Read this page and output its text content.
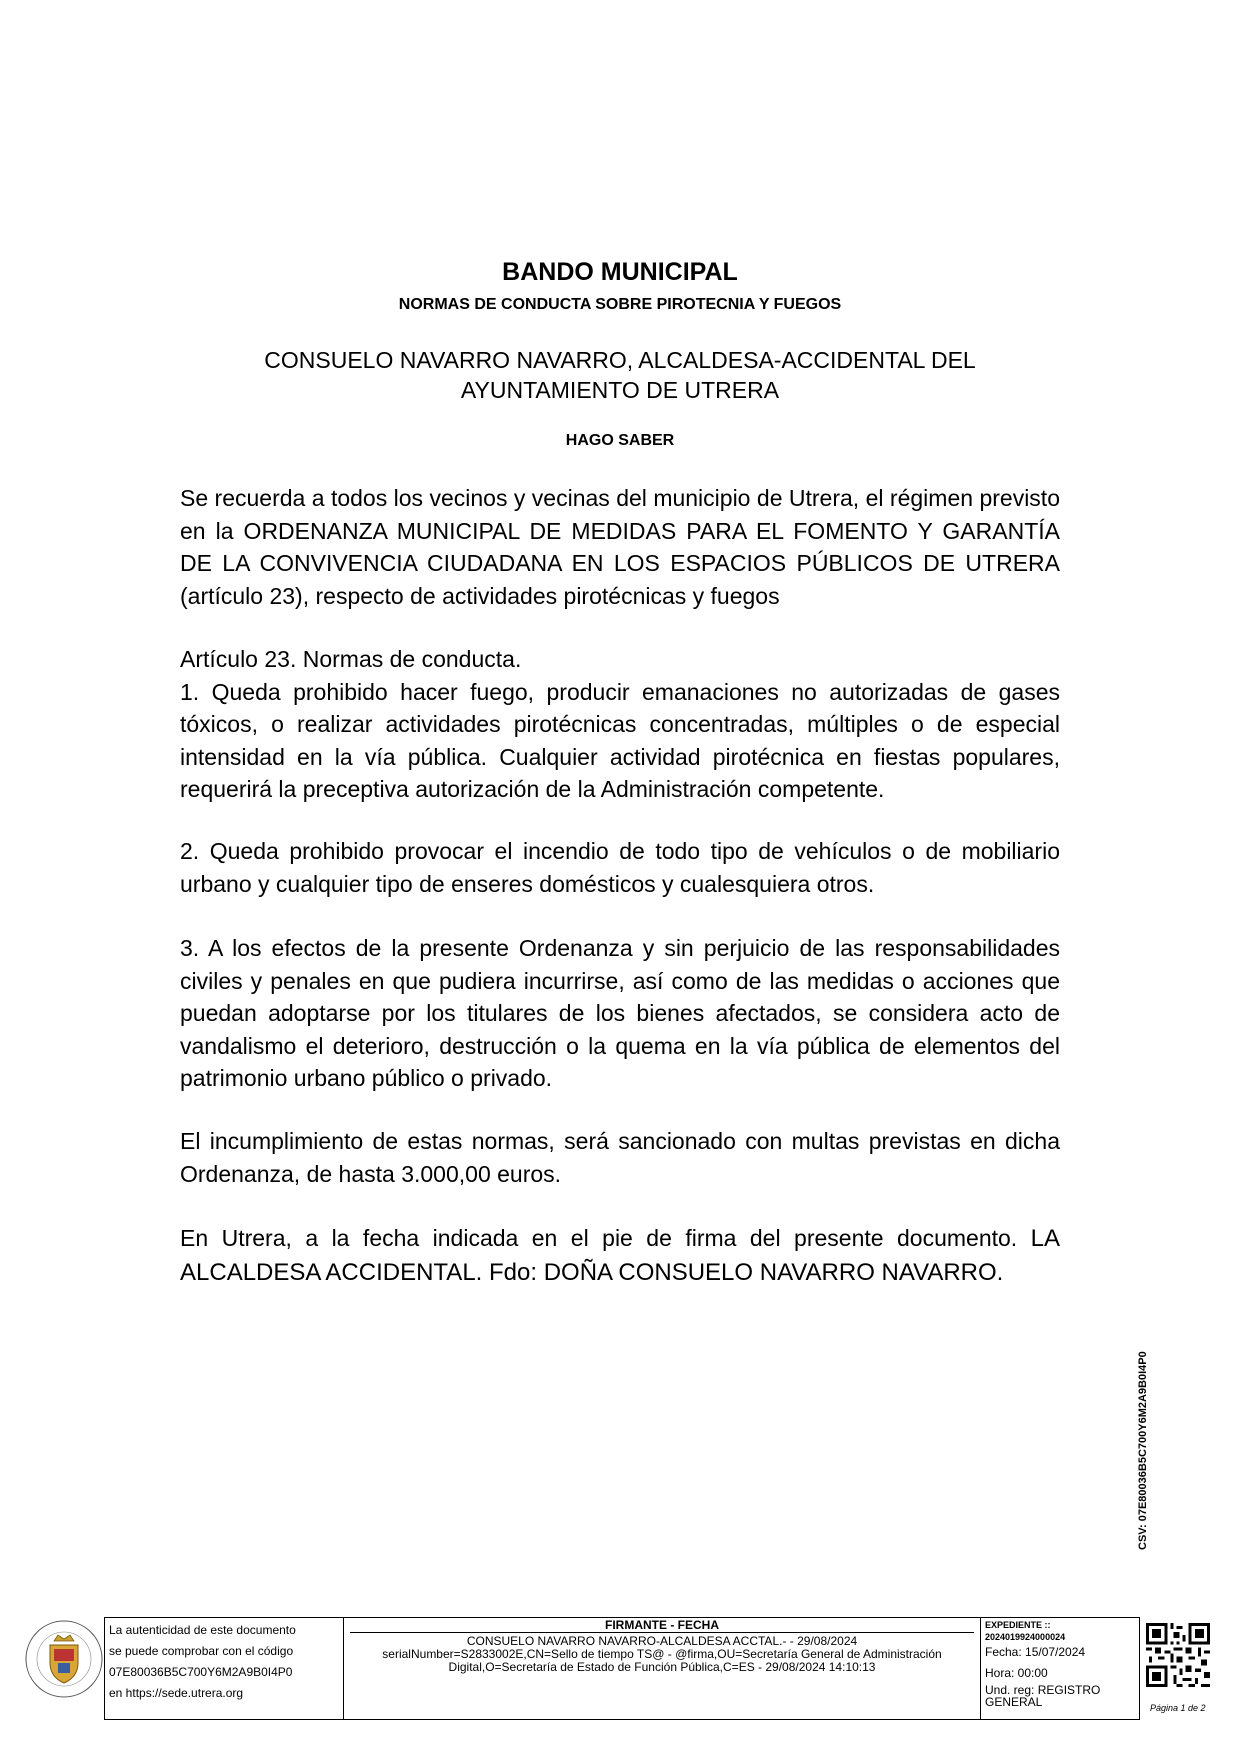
BANDO MUNICIPAL
NORMAS DE CONDUCTA SOBRE PIROTECNIA Y FUEGOS
CONSUELO NAVARRO NAVARRO, ALCALDESA-ACCIDENTAL DEL AYUNTAMIENTO DE UTRERA
HAGO SABER
Se recuerda a todos los vecinos y vecinas del municipio de Utrera, el régimen previsto en la ORDENANZA MUNICIPAL DE MEDIDAS PARA EL FOMENTO Y GARANTÍA DE LA CONVIVENCIA CIUDADANA EN LOS ESPACIOS PÚBLICOS DE UTRERA (artículo 23), respecto de actividades pirotécnicas y fuegos
Artículo 23. Normas de conducta.
1. Queda prohibido hacer fuego, producir emanaciones no autorizadas de gases tóxicos, o realizar actividades pirotécnicas concentradas, múltiples o de especial intensidad en la vía pública. Cualquier actividad pirotécnica en fiestas populares, requerirá la preceptiva autorización de la Administración competente.
2. Queda prohibido provocar el incendio de todo tipo de vehículos o de mobiliario urbano y cualquier tipo de enseres domésticos y cualesquiera otros.
3. A los efectos de la presente Ordenanza y sin perjuicio de las responsabilidades civiles y penales en que pudiera incurrirse, así como de las medidas o acciones que puedan adoptarse por los titulares de los bienes afectados, se considera acto de vandalismo el deterioro, destrucción o la quema en la vía pública de elementos del patrimonio urbano público o privado.
El incumplimiento de estas normas, será sancionado con multas previstas en dicha Ordenanza, de hasta 3.000,00 euros.
En Utrera, a la fecha indicada en el pie de firma del presente documento. LA ALCALDESA ACCIDENTAL. Fdo: DOÑA CONSUELO NAVARRO NAVARRO.
CSV: 07E80036B5C700Y6M2A9B0I4P0
La autenticidad de este documento
se puede comprobar con el código
07E80036B5C700Y6M2A9B0I4P0
en https://sede.utrera.org
FIRMANTE - FECHA
CONSUELO NAVARRO NAVARRO-ALCALDESA ACCTAL.- - 29/08/2024
serialNumber=S2833002E,CN=Sello de tiempo TS@ - @firma,OU=Secretaría General de Administración
Digital,O=Secretaría de Estado de Función Pública,C=ES - 29/08/2024 14:10:13
EXPEDIENTE ::
2024019924000024
Fecha: 15/07/2024
Hora: 00:00
Und. reg: REGISTRO GENERAL	Página 1 de 2
